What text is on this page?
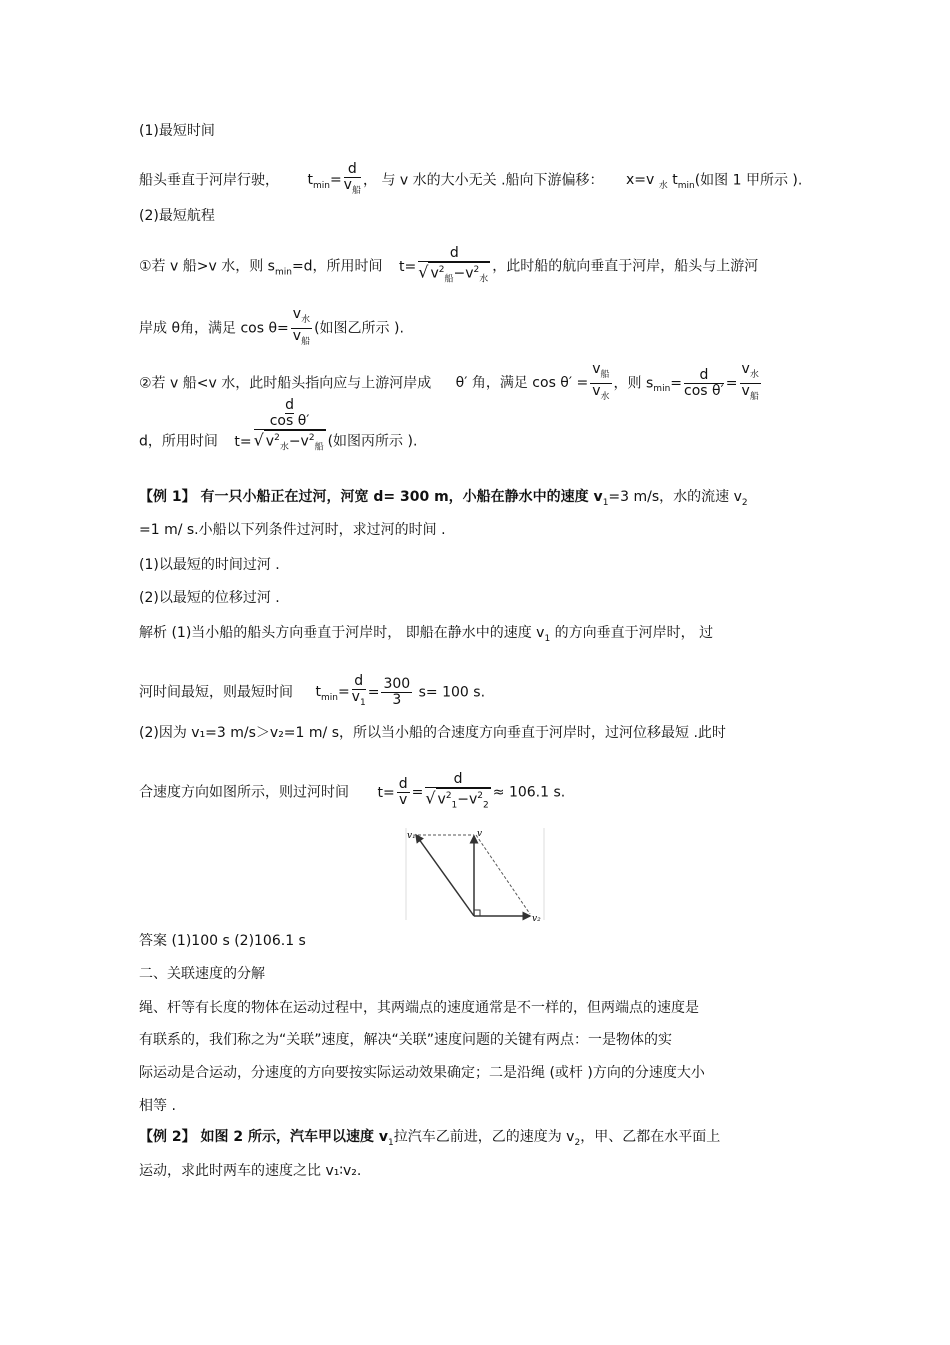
(1)最短时间
船头垂直于河岸行驶， $t_{min}= \frac{d}{v_船}$ ， 与 v 水的大小无关 .船向下游偏移： x=v $_水$ $t_{min}$(如图 1 甲所示 ).
(2)最短航程
①若 v 船>v 水，则 $s_{min}=d$，所用时间 $t= \frac{d}{√ v^2_船-v^2_水}$ ，此时船的航向垂直于河岸，船头与上游河
岸成 θ角，满足 $\cos \theta= \frac{v_水}{v_船}$ (如图乙所示 ).
②若 v 船<v 水，此时船头指向应与上游河岸成 θ′ 角，满足 $\cos \theta' = \frac{v_船}{v_水}$ ，则 $s_{min}= \frac{d}{\text{cos θ′}} = \frac{v_水}{v_船}$
d，所用时间 t=
d
cos θ′
√ $v^2_水-v^2_船$ (如图丙所示 ).
【例 1】 有一只小船正在过河，河宽 d= 300 m，小船在静水中的速度 $v_1=3$ m/s，水的流速 $v_2$
=1 m/ s.小船以下列条件过河时，求过河的时间 .
(1)以最短的时间过河 .
(2)以最短的位移过河 .
解析 (1)当小船的船头方向垂直于河岸时， 即船在静水中的速度 $v_1$ 的方向垂直于河岸时， 过
河时间最短，则最短时间 $t_{min}= \frac{d}{v_1} = \frac{300}{3} s= 100$ s.
(2)因为 v₁=3 m/s＞v₂=1 m/ s，所以当小船的合速度方向垂直于河岸时，过河位移最短 .此时
合速度方向如图所示，则过河时间 $t= \frac{d}{v} = \frac{d}{√ v^2_1-v^2_2} \approx 106.1$ s.
v₁	v
v₂
答案 (1)100 s (2)106.1 s
二、关联速度的分解
绳、杆等有长度的物体在运动过程中，其两端点的速度通常是不一样的，但两端点的速度是
有联系的，我们称之为“关联”速度，解决“关联”速度问题的关键有两点：一是物体的实
际运动是合运动，分速度的方向要按实际运动效果确定；二是沿绳 (或杆 )方向的分速度大小
相等 .
【例 2】 如图 2 所示，汽车甲以速度 $v_1$拉汽车乙前进，乙的速度为 $v_2$，甲、乙都在水平面上
运动，求此时两车的速度之比 v₁∶v₂.
